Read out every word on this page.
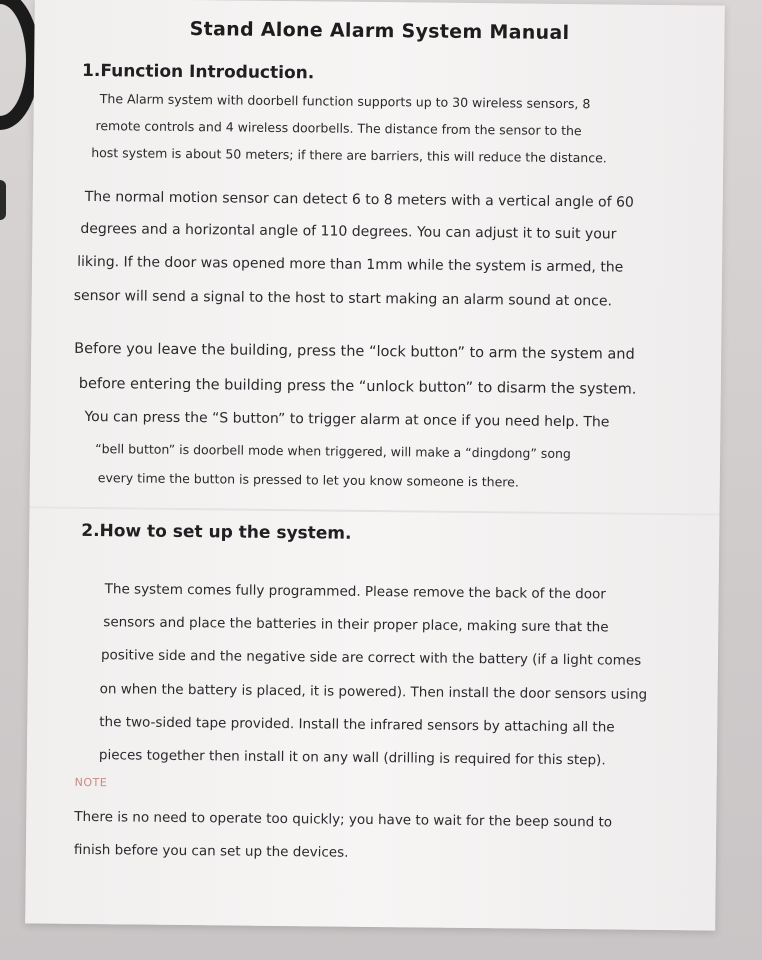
Stand Alone Alarm System Manual
1.Function Introduction.
The Alarm system with doorbell function supports up to 30 wireless sensors, 8
remote controls and 4 wireless doorbells. The distance from the sensor to the
host system is about 50 meters; if there are barriers, this will reduce the distance.
The normal motion sensor can detect 6 to 8 meters with a vertical angle of 60
degrees and a horizontal angle of 110 degrees. You can adjust it to suit your
liking. If the door was opened more than 1mm while the system is armed, the
sensor will send a signal to the host to start making an alarm sound at once.
Before you leave the building, press the “lock button” to arm the system and
before entering the building press the “unlock button” to disarm the system.
You can press the “S button” to trigger alarm at once if you need help. The
“bell button” is doorbell mode when triggered, will make a “dingdong” song
every time the button is pressed to let you know someone is there.
2.How to set up the system.
The system comes fully programmed. Please remove the back of the door
sensors and place the batteries in their proper place, making sure that the
positive side and the negative side are correct with the battery (if a light comes
on when the battery is placed, it is powered). Then install the door sensors using
the two-sided tape provided. Install the infrared sensors by attaching all the
pieces together then install it on any wall (drilling is required for this step).
NOTE
There is no need to operate too quickly; you have to wait for the beep sound to
finish before you can set up the devices.
